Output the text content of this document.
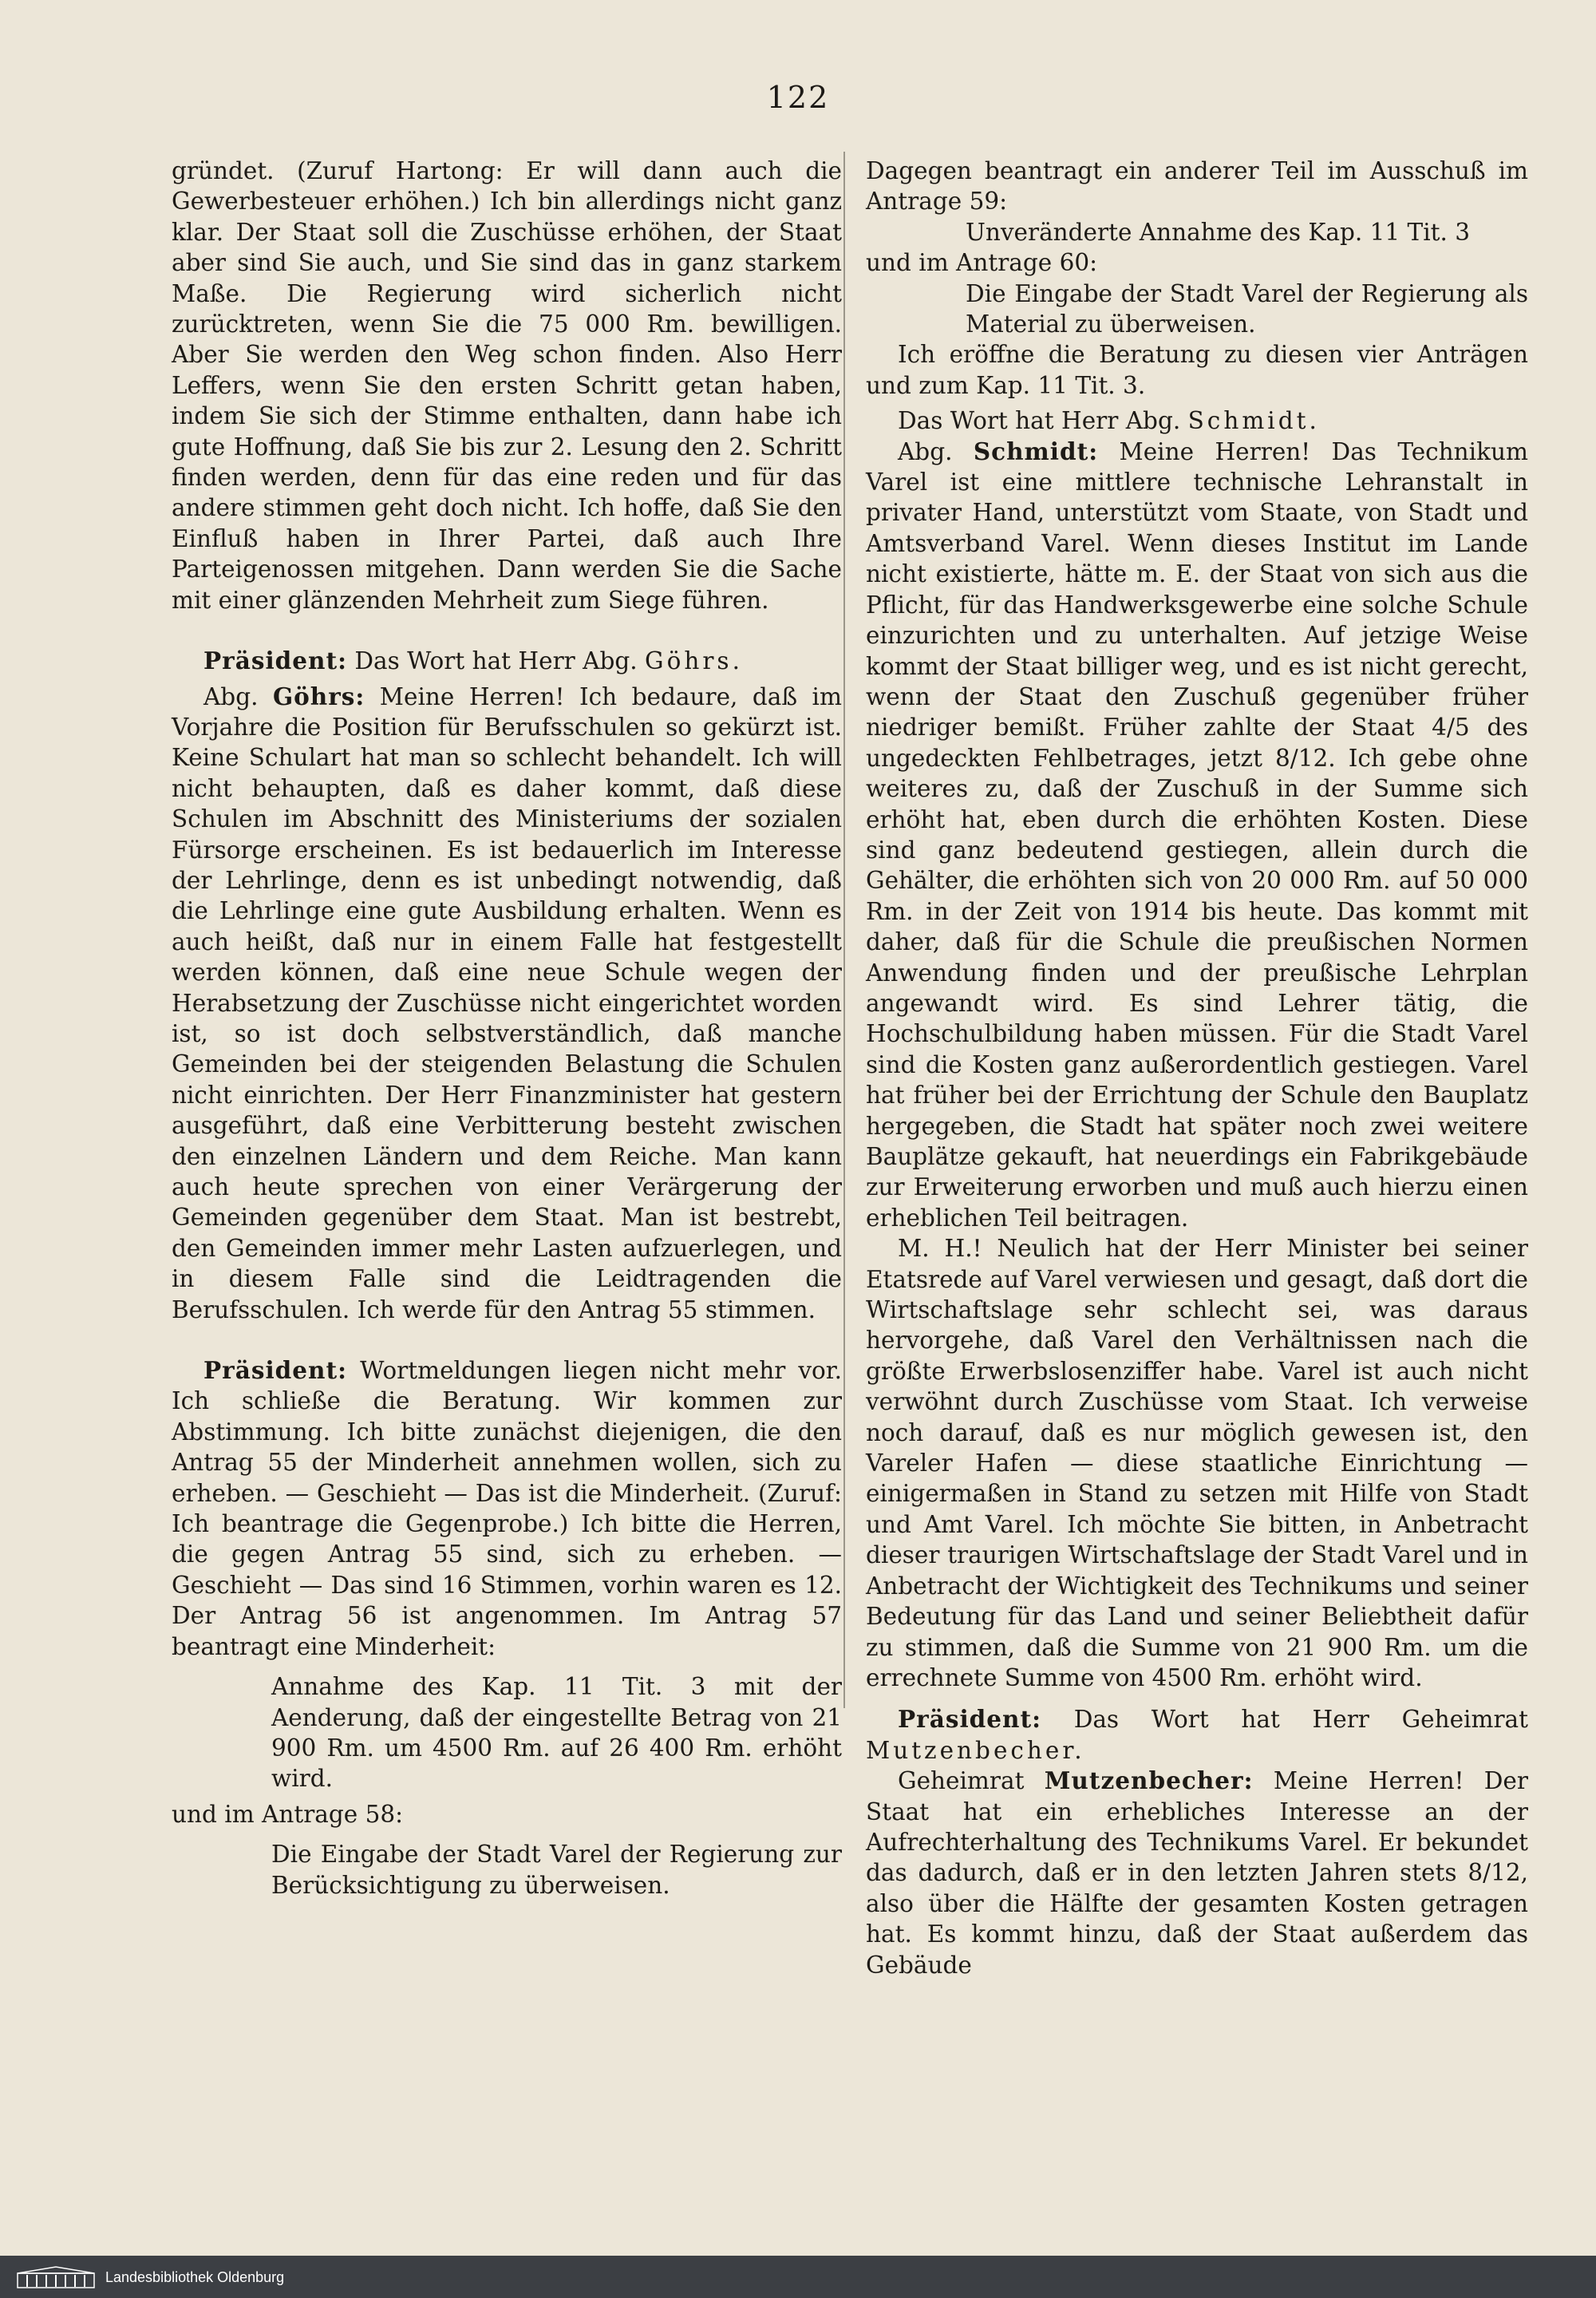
122

gründet. (Zuruf Hartong: Er will dann auch die Gewerbesteuer erhöhen.) Ich bin allerdings nicht ganz klar. Der Staat soll die Zuschüsse erhöhen, der Staat aber sind Sie auch, und Sie sind das in ganz starkem Maße. Die Regierung wird sicherlich nicht zurücktreten, wenn Sie die 75 000 Rm. bewilligen. Aber Sie werden den Weg schon finden. Also Herr Leffers, wenn Sie den ersten Schritt getan haben, indem Sie sich der Stimme enthalten, dann habe ich gute Hoffnung, daß Sie bis zur 2. Lesung den 2. Schritt finden werden, denn für das eine reden und für das andere stimmen geht doch nicht. Ich hoffe, daß Sie den Einfluß haben in Ihrer Partei, daß auch Ihre Parteigenossen mitgehen. Dann werden Sie die Sache mit einer glänzenden Mehrheit zum Siege führen.

Präsident: Das Wort hat Herr Abg. Göhrs.

Abg. Göhrs: Meine Herren! Ich bedaure, daß im Vorjahre die Position für Berufsschulen so gekürzt ist. Keine Schulart hat man so schlecht behandelt. Ich will nicht behaupten, daß es daher kommt, daß diese Schulen im Abschnitt des Ministeriums der sozialen Fürsorge erscheinen. Es ist bedauerlich im Interesse der Lehrlinge, denn es ist unbedingt notwendig, daß die Lehrlinge eine gute Ausbildung erhalten. Wenn es auch heißt, daß nur in einem Falle hat festgestellt werden können, daß eine neue Schule wegen der Herabsetzung der Zuschüsse nicht eingerichtet worden ist, so ist doch selbstverständlich, daß manche Gemeinden bei der steigenden Belastung die Schulen nicht einrichten. Der Herr Finanzminister hat gestern ausgeführt, daß eine Verbitterung besteht zwischen den einzelnen Ländern und dem Reiche. Man kann auch heute sprechen von einer Verärgerung der Gemeinden gegenüber dem Staat. Man ist bestrebt, den Gemeinden immer mehr Lasten aufzuerlegen, und in diesem Falle sind die Leidtragenden die Berufsschulen. Ich werde für den Antrag 55 stimmen.

Präsident: Wortmeldungen liegen nicht mehr vor. Ich schließe die Beratung. Wir kommen zur Abstimmung. Ich bitte zunächst diejenigen, die den Antrag 55 der Minderheit annehmen wollen, sich zu erheben. — Geschieht — Das ist die Minderheit. (Zuruf: Ich beantrage die Gegenprobe.) Ich bitte die Herren, die gegen Antrag 55 sind, sich zu erheben. — Geschieht — Das sind 16 Stimmen, vorhin waren es 12. Der Antrag 56 ist angenommen. Im Antrag 57 beantragt eine Minderheit:

Annahme des Kap. 11 Tit. 3 mit der Aenderung, daß der eingestellte Betrag von 21 900 Rm. um 4500 Rm. auf 26 400 Rm. erhöht wird.

und im Antrage 58:

Die Eingabe der Stadt Varel der Regierung zur Berücksichtigung zu überweisen.

Dagegen beantragt ein anderer Teil im Ausschuß im Antrage 59:

Unveränderte Annahme des Kap. 11 Tit. 3

und im Antrage 60:

Die Eingabe der Stadt Varel der Regierung als Material zu überweisen.

Ich eröffne die Beratung zu diesen vier Anträgen und zum Kap. 11 Tit. 3.

Das Wort hat Herr Abg. Schmidt.

Abg. Schmidt: Meine Herren! Das Technikum Varel ist eine mittlere technische Lehranstalt in privater Hand, unterstützt vom Staate, von Stadt und Amtsverband Varel. Wenn dieses Institut im Lande nicht existierte, hätte m. E. der Staat von sich aus die Pflicht, für das Handwerksgewerbe eine solche Schule einzurichten und zu unterhalten. Auf jetzige Weise kommt der Staat billiger weg, und es ist nicht gerecht, wenn der Staat den Zuschuß gegenüber früher niedriger bemißt. Früher zahlte der Staat 4/5 des ungedeckten Fehlbetrages, jetzt 8/12. Ich gebe ohne weiteres zu, daß der Zuschuß in der Summe sich erhöht hat, eben durch die erhöhten Kosten. Diese sind ganz bedeutend gestiegen, allein durch die Gehälter, die erhöhten sich von 20 000 Rm. auf 50 000 Rm. in der Zeit von 1914 bis heute. Das kommt mit daher, daß für die Schule die preußischen Normen Anwendung finden und der preußische Lehrplan angewandt wird. Es sind Lehrer tätig, die Hochschulbildung haben müssen. Für die Stadt Varel sind die Kosten ganz außerordentlich gestiegen. Varel hat früher bei der Errichtung der Schule den Bauplatz hergegeben, die Stadt hat später noch zwei weitere Bauplätze gekauft, hat neuerdings ein Fabrikgebäude zur Erweiterung erworben und muß auch hierzu einen erheblichen Teil beitragen.

M. H.! Neulich hat der Herr Minister bei seiner Etatsrede auf Varel verwiesen und gesagt, daß dort die Wirtschaftslage sehr schlecht sei, was daraus hervorgehe, daß Varel den Verhältnissen nach die größte Erwerbslosenziffer habe. Varel ist auch nicht verwöhnt durch Zuschüsse vom Staat. Ich verweise noch darauf, daß es nur möglich gewesen ist, den Vareler Hafen — diese staatliche Einrichtung — einigermaßen in Stand zu setzen mit Hilfe von Stadt und Amt Varel. Ich möchte Sie bitten, in Anbetracht dieser traurigen Wirtschaftslage der Stadt Varel und in Anbetracht der Wichtigkeit des Technikums und seiner Bedeutung für das Land und seiner Beliebtheit dafür zu stimmen, daß die Summe von 21 900 Rm. um die errechnete Summe von 4500 Rm. erhöht wird.

Präsident: Das Wort hat Herr Geheimrat Mutzenbecher.

Geheimrat Mutzenbecher: Meine Herren! Der Staat hat ein erhebliches Interesse an der Aufrechterhaltung des Technikums Varel. Er bekundet das dadurch, daß er in den letzten Jahren stets 8/12, also über die Hälfte der gesamten Kosten getragen hat. Es kommt hinzu, daß der Staat außerdem das Gebäude

Landesbibliothek Oldenburg
